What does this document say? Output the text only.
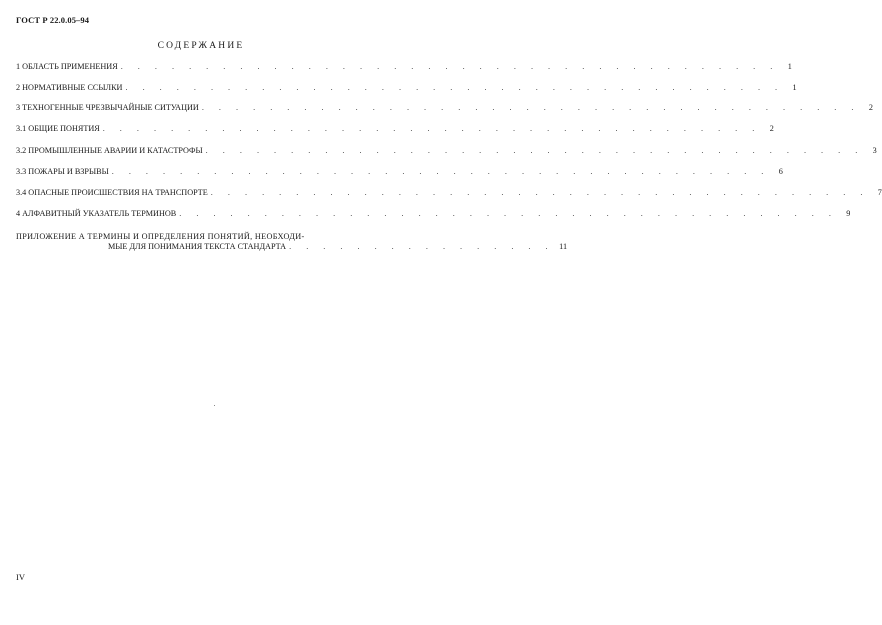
ГОСТ Р 22.0.05–94
СОДЕРЖАНИЕ
1 ОБЛАСТЬ ПРИМЕНЕНИЯ . . . . . . . . . . . . . . . . . . . . . . . . . . . . . . . . . . . . . . .	1
2 НОРМАТИВНЫЕ ССЫЛКИ . . . . . . . . . . . . . . . . . . . . . . . . . . . . . . . . . . . . . . .	1
3 ТЕХНОГЕННЫЕ ЧРЕЗВЫЧАЙНЫЕ СИТУАЦИИ . . . . . . . . . . . . . . . . . . . . . . . . . . . . . . . . . . . . . . .	2
3.1 ОБЩИЕ ПОНЯТИЯ . . . . . . . . . . . . . . . . . . . . . . . . . . . . . . . . . . . . . . .	2
3.2 ПРОМЫШЛЕННЫЕ АВАРИИ И КАТАСТРОФЫ . . . . . . . . . . . . . . . . . . . . . . . . . . . . . . . . . . . . . . .	3
3.3 ПОЖАРЫ И ВЗРЫВЫ . . . . . . . . . . . . . . . . . . . . . . . . . . . . . . . . . . . . . . .	6
3.4 ОПАСНЫЕ ПРОИСШЕСТВИЯ НА ТРАНСПОРТЕ . . . . . . . . . . . . . . . . . . . . . . . . . . . . . . . . . . . . . . .	7
4 АЛФАВИТНЫЙ УКАЗАТЕЛЬ ТЕРМИНОВ . . . . . . . . . . . . . . . . . . . . . . . . . . . . . . . . . . . . . . .	9
ПРИЛОЖЕНИЕ А ТЕРМИНЫ И ОПРЕДЕЛЕНИЯ ПОНЯТИЙ, НЕОБХОДИ-
МЫЕ ДЛЯ ПОНИМАНИЯ ТЕКСТА СТАНДАРТА . . . . . . . . . . . . . . . . 11
IV
